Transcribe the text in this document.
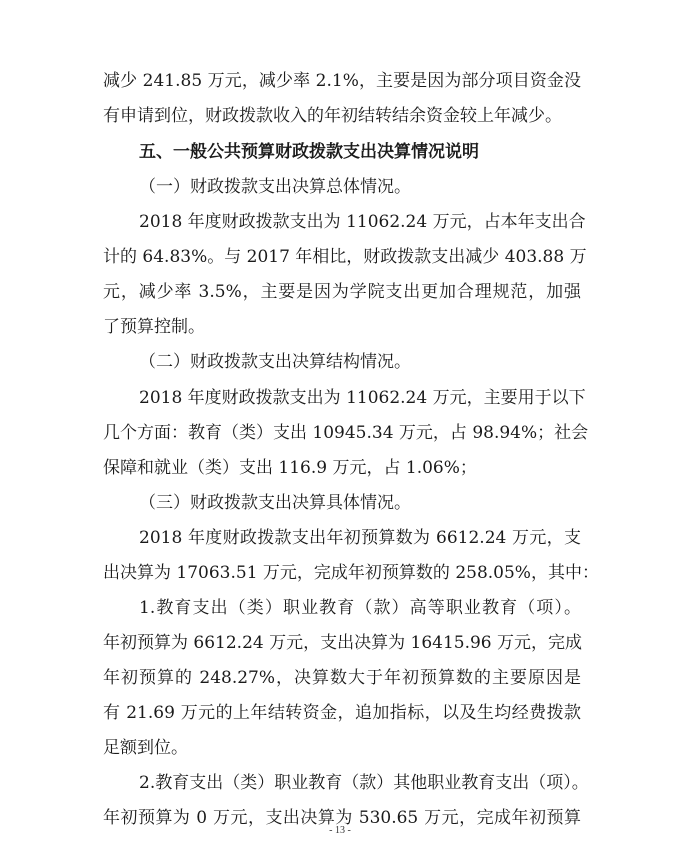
减少 241.85 万元，减少率 2.1%，主要是因为部分项目资金没
有申请到位，财政拨款收入的年初结转结余资金较上年减少。
五、一般公共预算财政拨款支出决算情况说明
（一）财政拨款支出决算总体情况。
2018 年度财政拨款支出为 11062.24 万元，占本年支出合
计的 64.83%。与 2017 年相比，财政拨款支出减少 403.88 万
元，减少率 3.5%，主要是因为学院支出更加合理规范，加强
了预算控制。
（二）财政拨款支出决算结构情况。
2018 年度财政拨款支出为 11062.24 万元，主要用于以下
几个方面：教育（类）支出 10945.34 万元，占 98.94%；社会
保障和就业（类）支出 116.9 万元，占 1.06%；
（三）财政拨款支出决算具体情况。
2018 年度财政拨款支出年初预算数为 6612.24 万元，支
出决算为 17063.51 万元，完成年初预算数的 258.05%，其中：
1.教育支出（类）职业教育（款）高等职业教育（项）。
年初预算为 6612.24 万元，支出决算为 16415.96 万元，完成
年初预算的 248.27%，决算数大于年初预算数的主要原因是
有 21.69 万元的上年结转资金，追加指标，以及生均经费拨款
足额到位。
2.教育支出（类）职业教育（款）其他职业教育支出（项）。
年初预算为 0 万元，支出决算为 530.65 万元，完成年初预算
- 13 -
